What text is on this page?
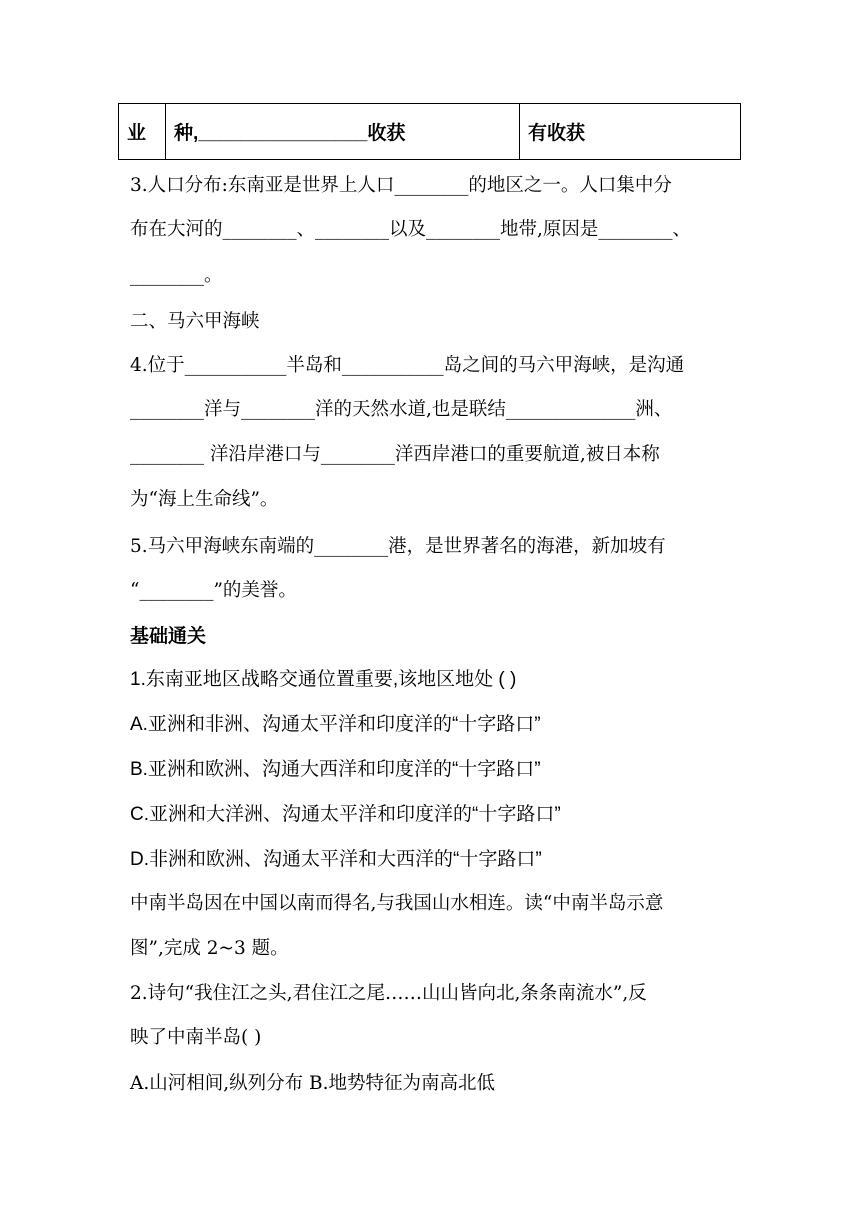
业	种,________________收获	有收获
3.人口分布:东南亚是世界上人口________的地区之一。人口集中分
布在大河的________、________以及________地带,原因是________、
________。
二、马六甲海峡
4.位于___________半岛和___________岛之间的马六甲海峡，是沟通
________洋与________洋的天然水道,也是联结______________洲、
________ 洋沿岸港口与________洋西岸港口的重要航道,被日本称
为“海上生命线”。
5.马六甲海峡东南端的________港，是世界著名的海港，新加坡有
“________”的美誉。
基础通关
1.东南亚地区战略交通位置重要,该地区地处 ( )
A.亚洲和非洲、沟通太平洋和印度洋的“十字路口”
B.亚洲和欧洲、沟通大西洋和印度洋的“十字路口”
C.亚洲和大洋洲、沟通太平洋和印度洋的“十字路口”
D.非洲和欧洲、沟通太平洋和大西洋的“十字路口”
中南半岛因在中国以南而得名,与我国山水相连。读“中南半岛示意
图”,完成 2~3 题。
2.诗句“我住江之头,君住江之尾……山山皆向北,条条南流水”,反
映了中南半岛( )
A.山河相间,纵列分布 B.地势特征为南高北低
